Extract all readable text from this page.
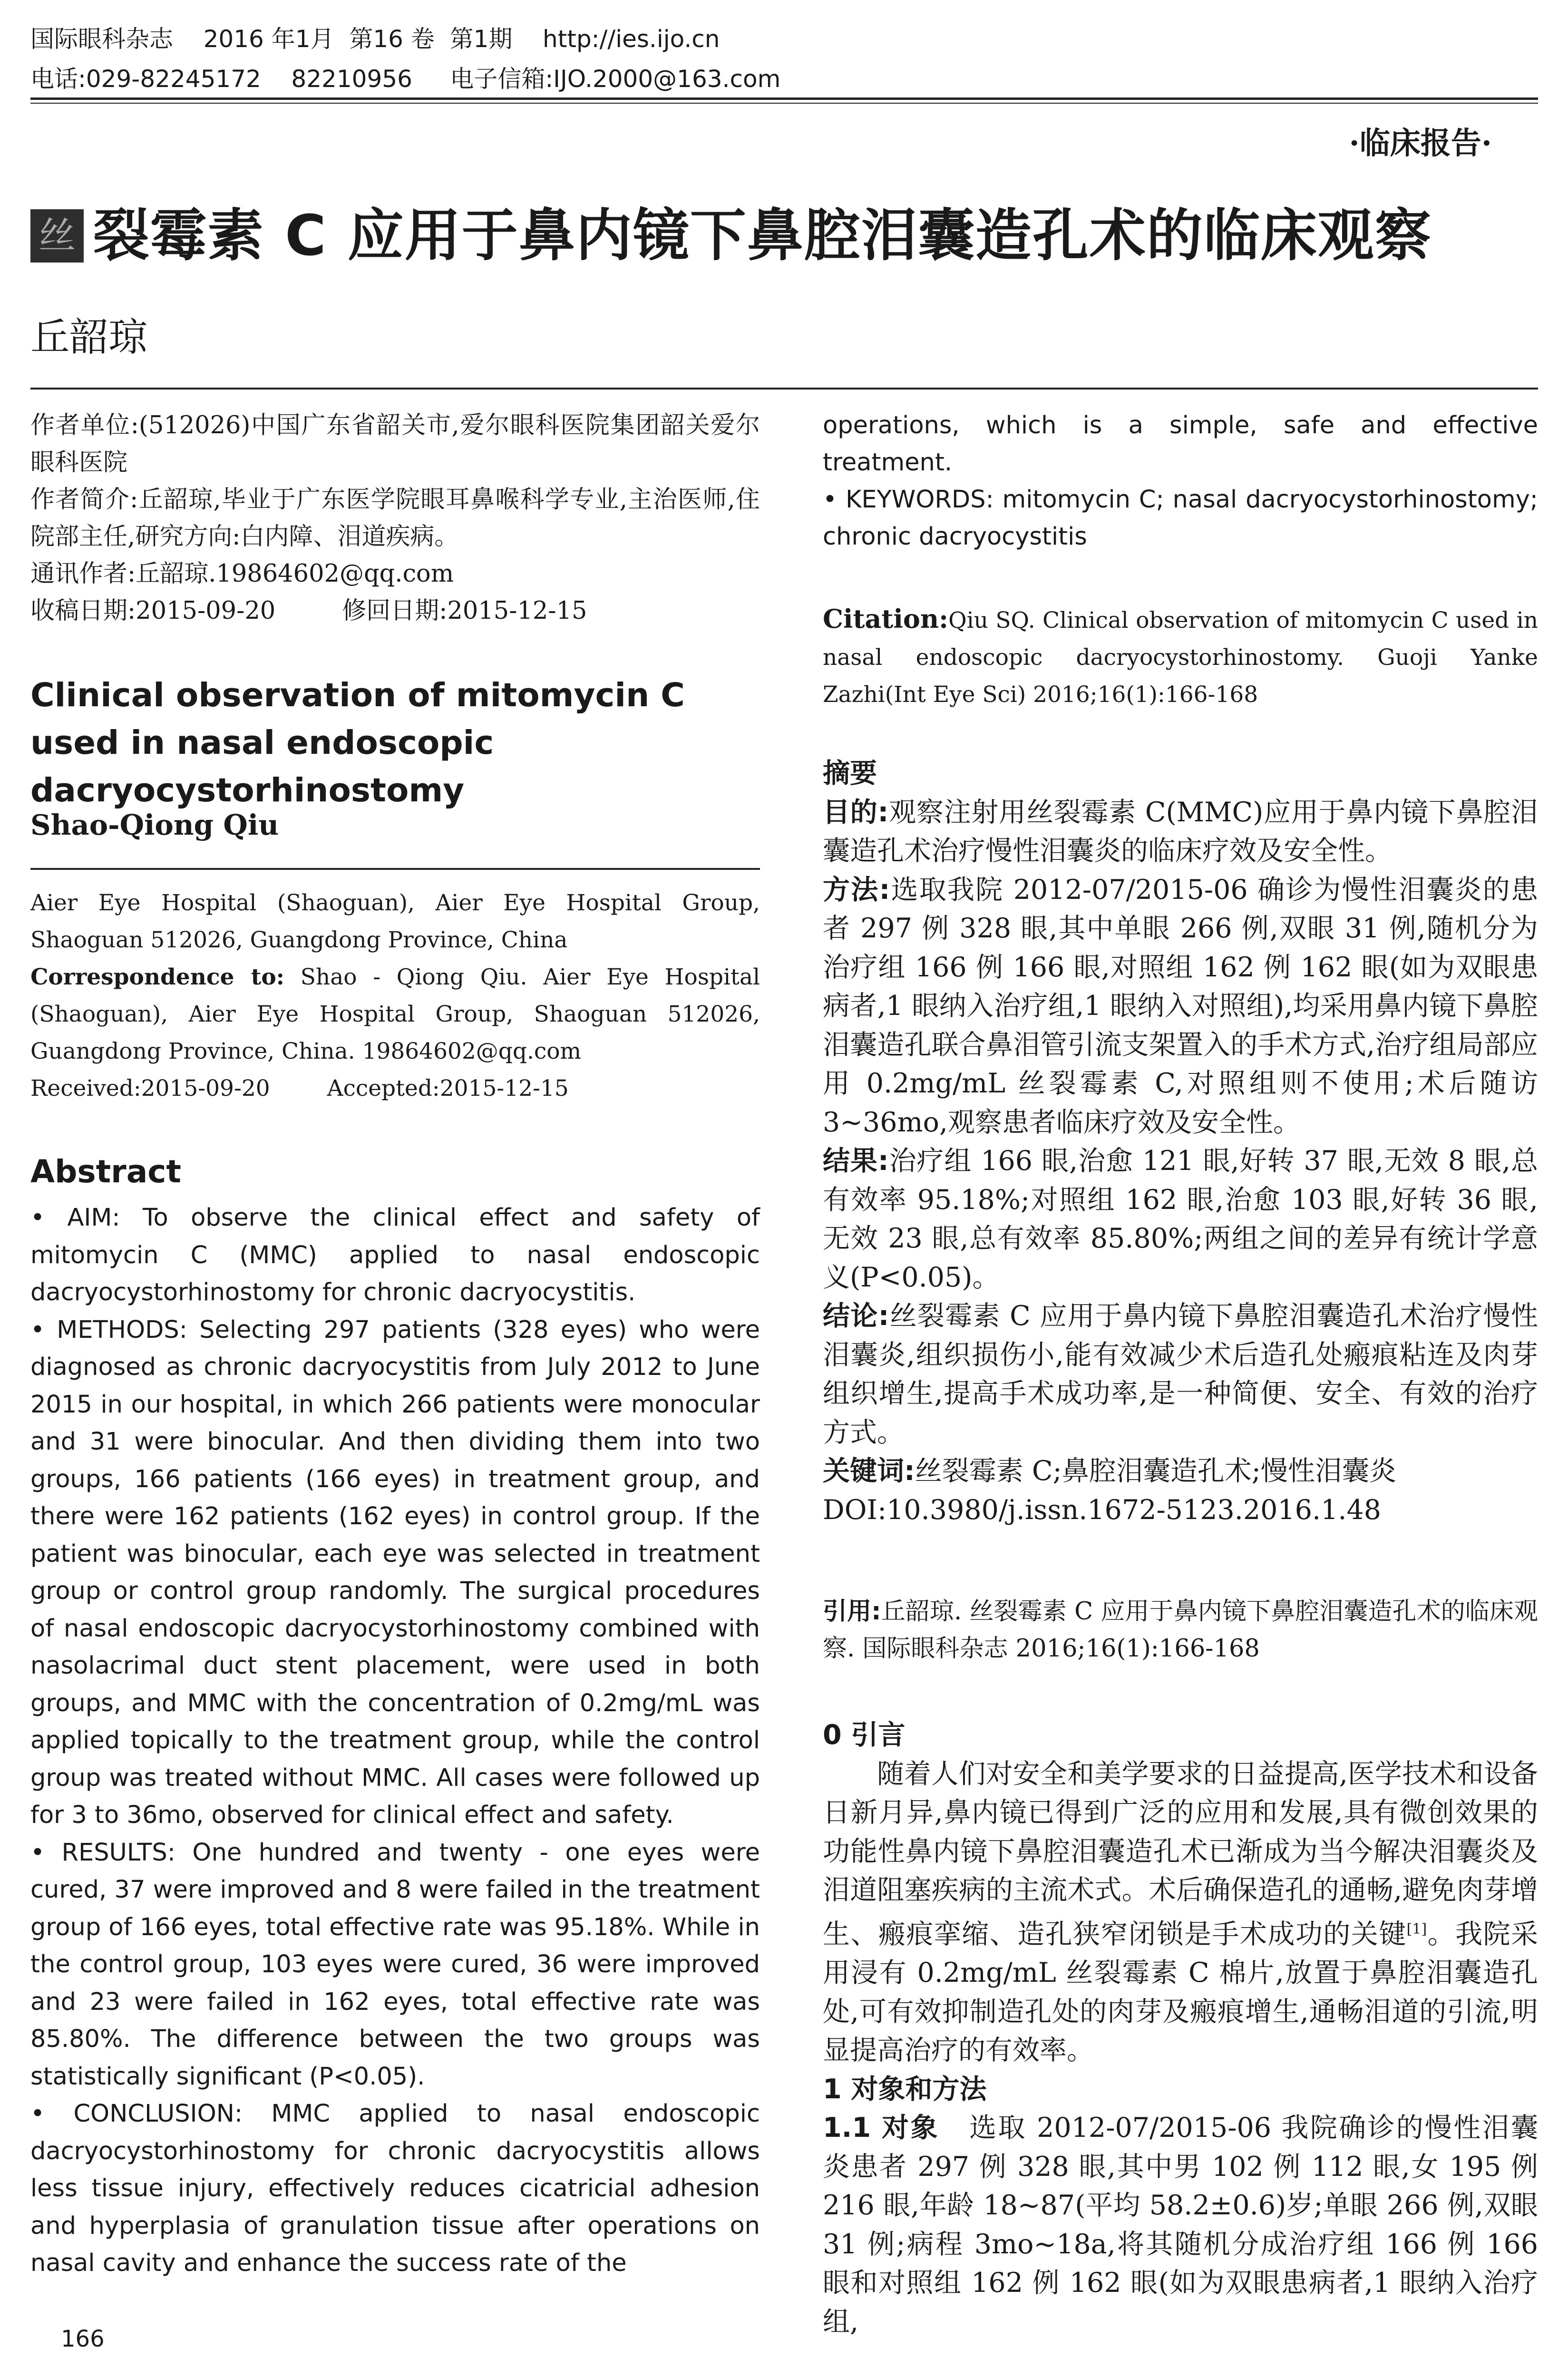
国际眼科杂志 2016 年1月 第16 卷 第1期 http://ies.ijo.cn
电话:029-82245172 82210956 电子信箱:IJO.2000@163.com
·临床报告·
丝 裂霉素 C 应用于鼻内镜下鼻腔泪囊造孔术的临床观察
丘韶琼

作者单位:(512026)中国广东省韶关市,爱尔眼科医院集团韶关爱尔眼科医院

作者简介:丘韶琼,毕业于广东医学院眼耳鼻喉科学专业,主治医师,住院部主任,研究方向:白内障、泪道疾病。

通讯作者:丘韶琼.19864602@qq.com

收稿日期:2015-09-20	修回日期:2015-12-15

Clinical observation of mitomycin C used in nasal endoscopic dacryocystorhinostomy

Shao-Qiong Qiu

Aier Eye Hospital (Shaoguan), Aier Eye Hospital Group, Shaoguan 512026, Guangdong Province, China

Correspondence to: Shao - Qiong Qiu. Aier Eye Hospital (Shaoguan), Aier Eye Hospital Group, Shaoguan 512026, Guangdong Province, China. 19864602@qq.com

Received:2015-09-20	Accepted:2015-12-15

Abstract

• AIM: To observe the clinical effect and safety of mitomycin C (MMC) applied to nasal endoscopic dacryocystorhinostomy for chronic dacryocystitis.

• METHODS: Selecting 297 patients (328 eyes) who were diagnosed as chronic dacryocystitis from July 2012 to June 2015 in our hospital, in which 266 patients were monocular and 31 were binocular. And then dividing them into two groups, 166 patients (166 eyes) in treatment group, and there were 162 patients (162 eyes) in control group. If the patient was binocular, each eye was selected in treatment group or control group randomly. The surgical procedures of nasal endoscopic dacryocystorhinostomy combined with nasolacrimal duct stent placement, were used in both groups, and MMC with the concentration of 0.2mg/mL was applied topically to the treatment group, while the control group was treated without MMC. All cases were followed up for 3 to 36mo, observed for clinical effect and safety.

• RESULTS: One hundred and twenty - one eyes were cured, 37 were improved and 8 were failed in the treatment group of 166 eyes, total effective rate was 95.18%. While in the control group, 103 eyes were cured, 36 were improved and 23 were failed in 162 eyes, total effective rate was 85.80%. The difference between the two groups was statistically significant (P<0.05).

• CONCLUSION: MMC applied to nasal endoscopic dacryocystorhinostomy for chronic dacryocystitis allows less tissue injury, effectively reduces cicatricial adhesion and hyperplasia of granulation tissue after operations on nasal cavity and enhance the success rate of the

166

operations, which is a simple, safe and effective treatment.

• KEYWORDS: mitomycin C; nasal dacryocystorhinostomy; chronic dacryocystitis

Citation:Qiu SQ. Clinical observation of mitomycin C used in nasal endoscopic dacryocystorhinostomy. Guoji Yanke Zazhi(Int Eye Sci) 2016;16(1):166-168

摘要

目的:观察注射用丝裂霉素 C(MMC)应用于鼻内镜下鼻腔泪囊造孔术治疗慢性泪囊炎的临床疗效及安全性。

方法:选取我院 2012-07/2015-06 确诊为慢性泪囊炎的患者 297 例 328 眼,其中单眼 266 例,双眼 31 例,随机分为治疗组 166 例 166 眼,对照组 162 例 162 眼(如为双眼患病者,1 眼纳入治疗组,1 眼纳入对照组),均采用鼻内镜下鼻腔泪囊造孔联合鼻泪管引流支架置入的手术方式,治疗组局部应用 0.2mg/mL 丝裂霉素 C,对照组则不使用;术后随访 3~36mo,观察患者临床疗效及安全性。

结果:治疗组 166 眼,治愈 121 眼,好转 37 眼,无效 8 眼,总有效率 95.18%;对照组 162 眼,治愈 103 眼,好转 36 眼,无效 23 眼,总有效率 85.80%;两组之间的差异有统计学意义(P<0.05)。

结论:丝裂霉素 C 应用于鼻内镜下鼻腔泪囊造孔术治疗慢性泪囊炎,组织损伤小,能有效减少术后造孔处瘢痕粘连及肉芽组织增生,提高手术成功率,是一种简便、安全、有效的治疗方式。

关键词:丝裂霉素 C;鼻腔泪囊造孔术;慢性泪囊炎

DOI:10.3980/j.issn.1672-5123.2016.1.48

引用:丘韶琼. 丝裂霉素 C 应用于鼻内镜下鼻腔泪囊造孔术的临床观察. 国际眼科杂志 2016;16(1):166-168

0 引言

随着人们对安全和美学要求的日益提高,医学技术和设备日新月异,鼻内镜已得到广泛的应用和发展,具有微创效果的功能性鼻内镜下鼻腔泪囊造孔术已渐成为当今解决泪囊炎及泪道阻塞疾病的主流术式。术后确保造孔的通畅,避免肉芽增生、瘢痕挛缩、造孔狭窄闭锁是手术成功的关键[1]。我院采用浸有 0.2mg/mL 丝裂霉素 C 棉片,放置于鼻腔泪囊造孔处,可有效抑制造孔处的肉芽及瘢痕增生,通畅泪道的引流,明显提高治疗的有效率。

1 对象和方法

1.1 对象 选取 2012-07/2015-06 我院确诊的慢性泪囊炎患者 297 例 328 眼,其中男 102 例 112 眼,女 195 例 216 眼,年龄 18~87(平均 58.2±0.6)岁;单眼 266 例,双眼 31 例;病程 3mo~18a,将其随机分成治疗组 166 例 166 眼和对照组 162 例 162 眼(如为双眼患病者,1 眼纳入治疗组,
